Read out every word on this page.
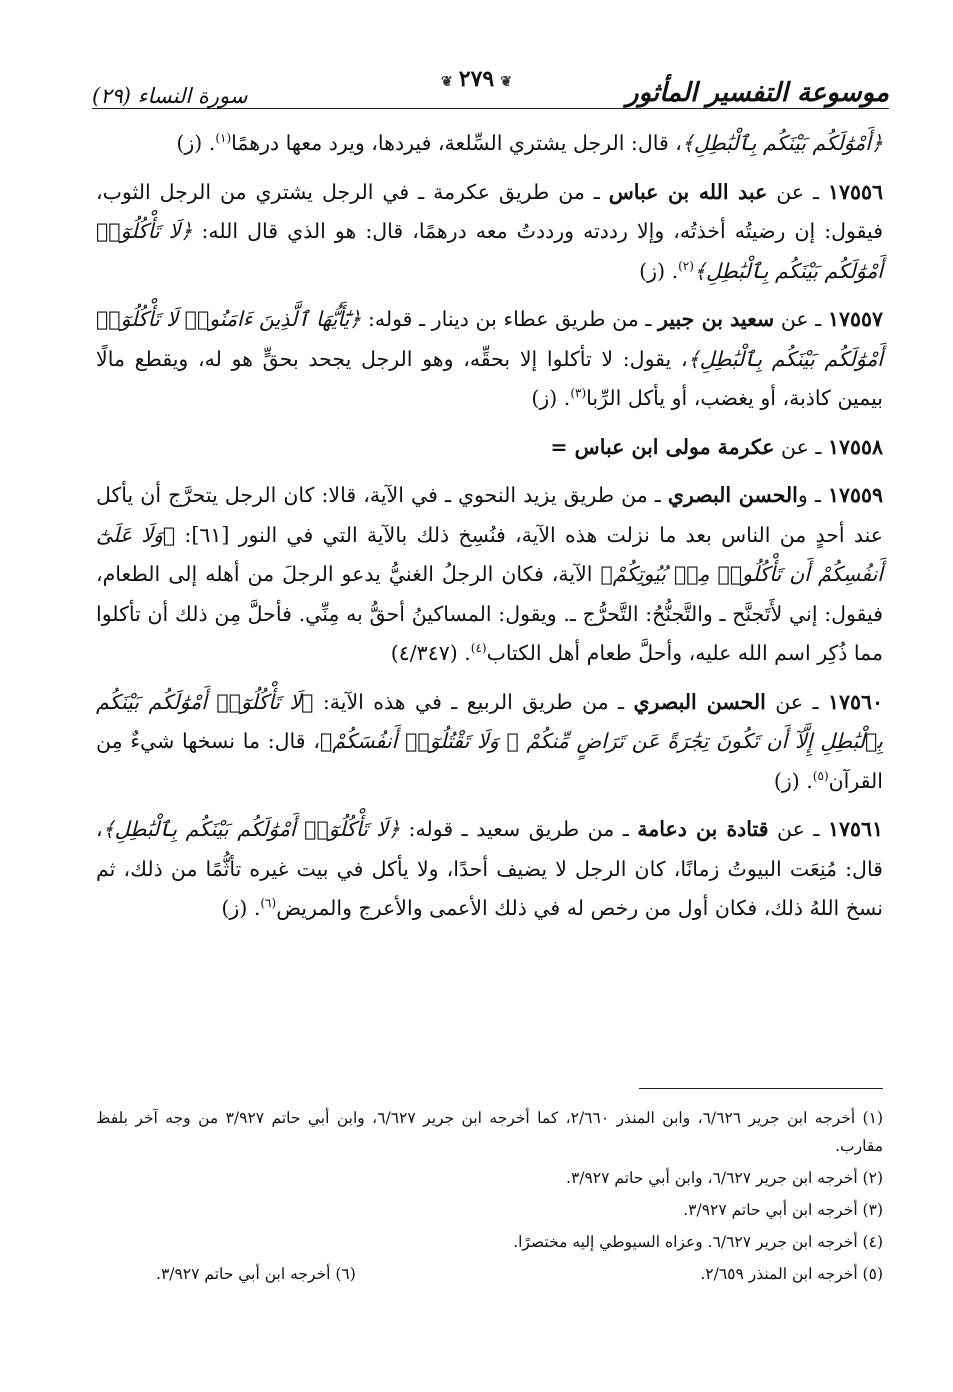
موسوعة التفسير المأثور
سورة النساء (٢٩)
❦٢٧٩❦

﴿أَمْوَٰلَكُم بَيْنَكُم بِٱلْبَٰطِلِ﴾، قال: الرجل يشتري السِّلعة، فيردها، ويرد معها درهمًا$^{(١)}$. (ز)

١٧٥٥٦ ـ عن عبد الله بن عباس ـ من طريق عكرمة ـ في الرجل يشتري من الرجل الثوب، فيقول: إن رضيتُه أخذتُه، وإلا رددته ورددتُ معه درهمًا، قال: هو الذي قال الله: ﴿لَا تَأْكُلُوٓا۟ أَمْوَٰلَكُم بَيْنَكُم بِٱلْبَٰطِلِ﴾$^{(٢)}$. (ز)

١٧٥٥٧ ـ عن سعيد بن جبير ـ من طريق عطاء بن دينار ـ قوله: ﴿يَٰٓأَيُّهَا ٱلَّذِينَ ءَامَنُوا۟ لَا تَأْكُلُوٓا۟ أَمْوَٰلَكُم بَيْنَكُم بِٱلْبَٰطِلِ﴾، يقول: لا تأكلوا إلا بحقِّه، وهو الرجل يجحد بحقٍّ هو له، ويقطع مالًا بيمين كاذبة، أو يغضب، أو يأكل الرِّبا$^{(٣)}$. (ز)

١٧٥٥٨ ـ عن عكرمة مولى ابن عباس =

١٧٥٥٩ ـ والحسن البصري ـ من طريق يزيد النحوي ـ في الآية، قالا: كان الرجل يتحرَّج أن يأكل عند أحدٍ من الناس بعد ما نزلت هذه الآية، فنُسِخ ذلك بالآية التي في النور [٦١]: ﴿وَلَا عَلَىٰٓ أَنفُسِكُمْ أَن تَأْكُلُوا۟ مِنۢ بُيُوتِكُمْ﴾ الآية، فكان الرجلُ الغنيُّ يدعو الرجلَ من أهله إلى الطعام، فيقول: إني لأَتَجنَّح ـ والتَّجنُّحُ: التَّحرُّج ـ. ويقول: المساكينُ أحقُّ به مِنِّي. فأحلَّ مِن ذلك أن تأكلوا مما ذُكِر اسم الله عليه، وأحلَّ طعام أهل الكتاب$^{(٤)}$. (٤/٣٤٧)

١٧٥٦٠ ـ عن الحسن البصري ـ من طريق الربيع ـ في هذه الآية: ﴿لَا تَأْكُلُوٓا۟ أَمْوَٰلَكُم بَيْنَكُم بِٱلْبَٰطِلِ إِلَّآ أَن تَكُونَ تِجَٰرَةً عَن تَرَاضٍ مِّنكُمْ ۚ وَلَا تَقْتُلُوٓا۟ أَنفُسَكُمْ﴾، قال: ما نسخها شيءٌ مِن القرآن$^{(٥)}$. (ز)

١٧٥٦١ ـ عن قتادة بن دعامة ـ من طريق سعيد ـ قوله: ﴿لَا تَأْكُلُوٓا۟ أَمْوَٰلَكُم بَيْنَكُم بِٱلْبَٰطِلِ﴾، قال: مُنِعَت البيوتُ زمانًا، كان الرجل لا يضيف أحدًا، ولا يأكل في بيت غيره تأثُّمًا من ذلك، ثم نسخ اللهُ ذلك، فكان أول من رخص له في ذلك الأعمى والأعرج والمريض$^{(٦)}$. (ز)

(١) أخرجه ابن جرير ٦/٦٢٦، وابن المنذر ٢/٦٦٠، كما أخرجه ابن جرير ٦/٦٢٧، وابن أبي حاتم ٣/٩٢٧ من وجه آخر بلفظ مقارب.

(٢) أخرجه ابن جرير ٦/٦٢٧، وابن أبي حاتم ٣/٩٢٧.

(٣) أخرجه ابن أبي حاتم ٣/٩٢٧.

(٤) أخرجه ابن جرير ٦/٦٢٧. وعزاه السيوطي إليه مختصرًا.

(٥) أخرجه ابن المنذر ٢/٦٥٩.
(٦) أخرجه ابن أبي حاتم ٣/٩٢٧.
